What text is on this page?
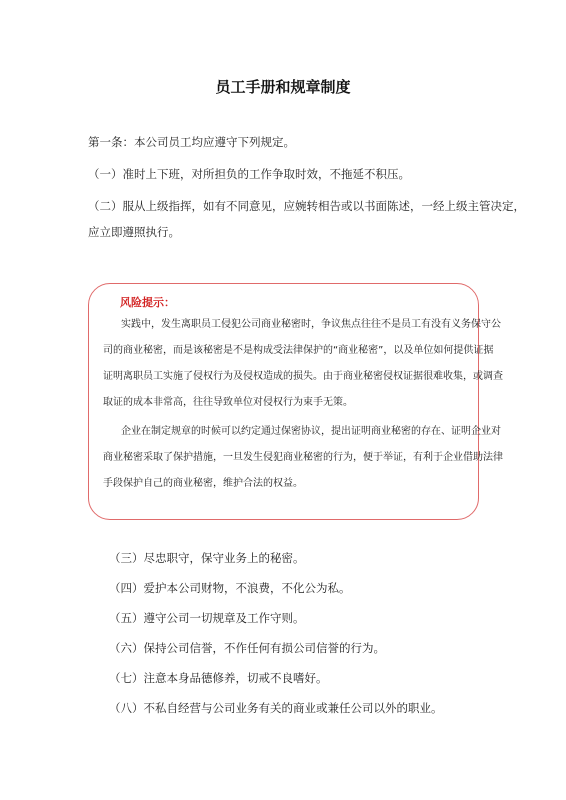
员工手册和规章制度
第一条：本公司员工均应遵守下列规定。
（一）准时上下班，对所担负的工作争取时效，不拖延不积压。
（二）服从上级指挥，如有不同意见，应婉转相告或以书面陈述，一经上级主管决定，
应立即遵照执行。
风险提示：
实践中，发生离职员工侵犯公司商业秘密时，争议焦点往往不是员工有没有义务保守公
司的商业秘密，而是该秘密是不是构成受法律保护的“商业秘密”，以及单位如何提供证据
证明离职员工实施了侵权行为及侵权造成的损失。由于商业秘密侵权证据很难收集，或调查
取证的成本非常高，往往导致单位对侵权行为束手无策。
企业在制定规章的时候可以约定通过保密协议，提出证明商业秘密的存在、证明企业对
商业秘密采取了保护措施，一旦发生侵犯商业秘密的行为，便于举证，有利于企业借助法律
手段保护自己的商业秘密，维护合法的权益。
（三）尽忠职守，保守业务上的秘密。
（四）爱护本公司财物，不浪费，不化公为私。
（五）遵守公司一切规章及工作守则。
（六）保持公司信誉，不作任何有损公司信誉的行为。
（七）注意本身品德修养，切戒不良嗜好。
（八）不私自经营与公司业务有关的商业或兼任公司以外的职业。
